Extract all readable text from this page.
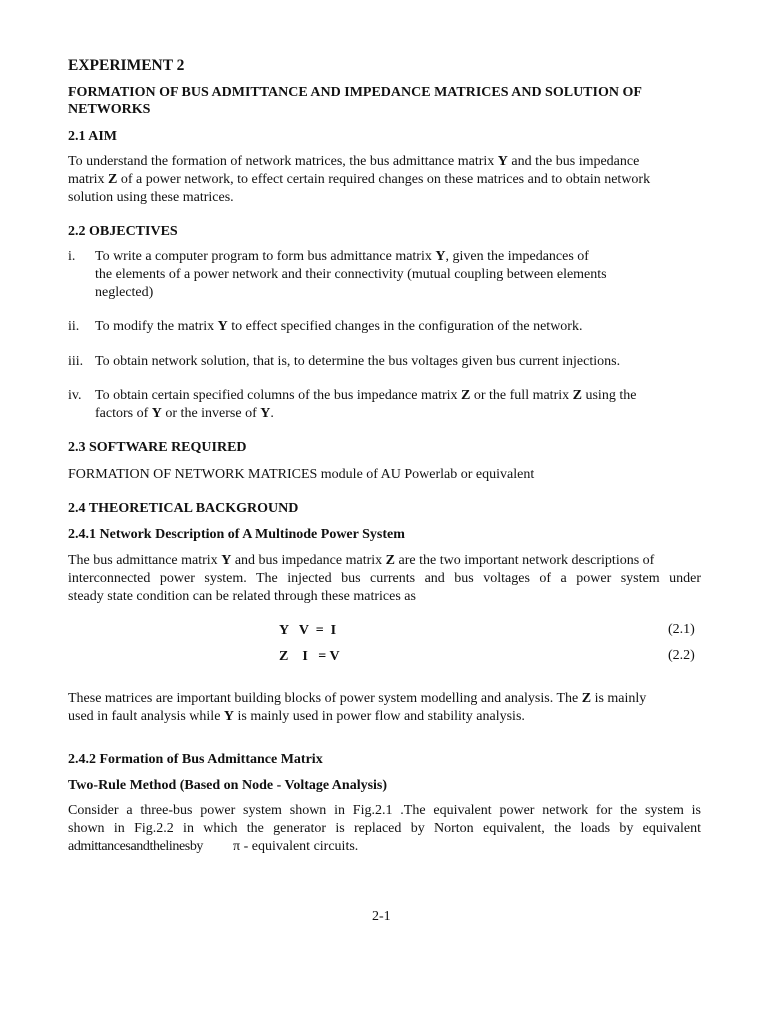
EXPERIMENT 2
FORMATION OF BUS ADMITTANCE AND IMPEDANCE MATRICES AND SOLUTION OF
NETWORKS
2.1 AIM
To understand the formation of network matrices, the bus admittance matrix Y and the bus impedance
matrix Z of a power network, to effect certain required changes on these matrices and to obtain network
solution using these matrices.
2.2 OBJECTIVES
i. To write a computer program to form bus admittance matrix Y, given the impedances of
the elements of a power network and their connectivity (mutual coupling between elements
neglected)
ii. To modify the matrix Y to effect specified changes in the configuration of the network.
iii. To obtain network solution, that is, to determine the bus voltages given bus current injections.
iv. To obtain certain specified columns of the bus impedance matrix Z or the full matrix Z using the
factors of Y or the inverse of Y.
2.3 SOFTWARE REQUIRED
FORMATION OF NETWORK MATRICES module of AU Powerlab or equivalent
2.4 THEORETICAL BACKGROUND
2.4.1 Network Description of A Multinode Power System
The bus admittance matrix Y and bus impedance matrix Z are the two important network descriptions of
interconnected power system. The injected bus currents and bus voltages of a power system under
steady state condition can be related through these matrices as
Y   V  =  I	(2.1)
Z    I   = V	(2.2)
These matrices are important building blocks of power system modelling and analysis. The Z is mainly
used in fault analysis while Y is mainly used in power flow and stability analysis.
2.4.2 Formation of Bus Admittance Matrix
Two-Rule Method (Based on Node - Voltage Analysis)
Consider a three-bus power system shown in Fig.2.1 .The equivalent power network for the system is
shown in Fig.2.2 in which the generator is replaced by Norton equivalent, the loads by equivalent
admittancesandthelinesby π - equivalent circuits.
2-1
